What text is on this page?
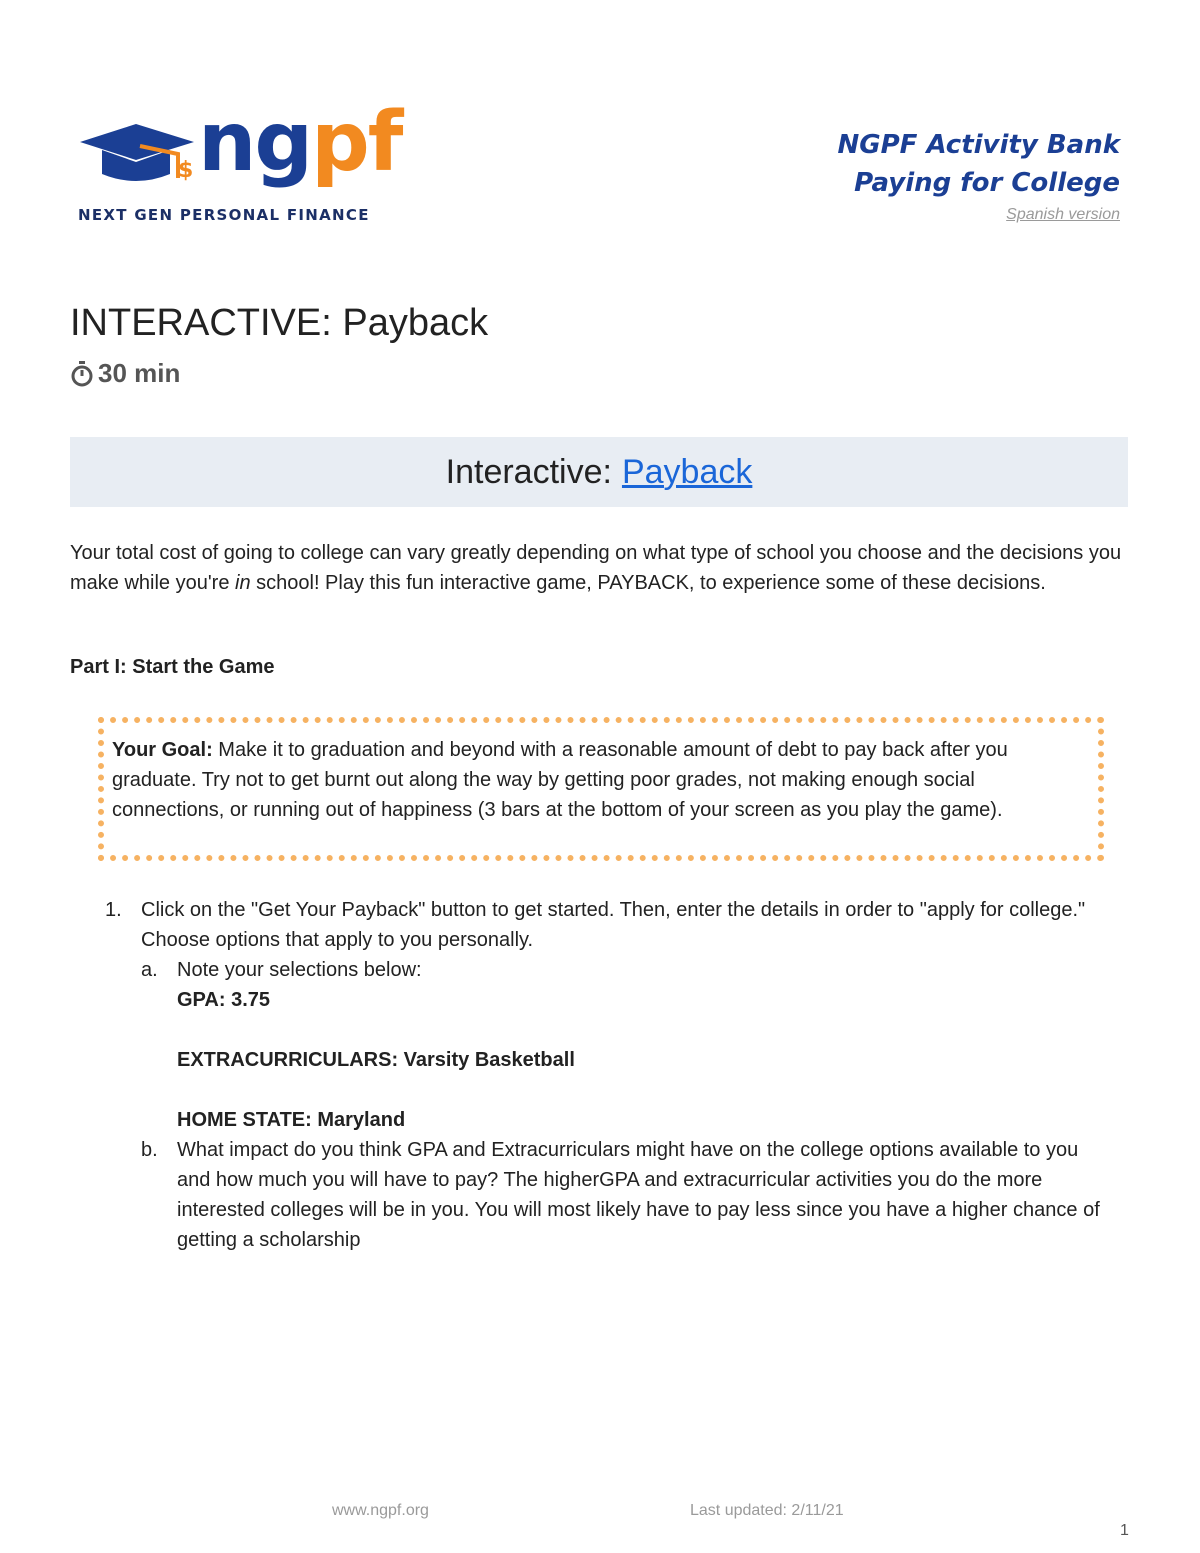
$ ngpf
NEXT GEN PERSONAL FINANCE
NGPF Activity Bank
Paying for College
Spanish version
INTERACTIVE: Payback
30 min
Interactive: Payback

Your total cost of going to college can vary greatly depending on what type of school you choose and the decisions you make while you're in school! Play this fun interactive game, PAYBACK, to experience some of these decisions.

Part I: Start the Game
Your Goal: Make it to graduation and beyond with a reasonable amount of debt to pay back after you graduate. Try not to get burnt out along the way by getting poor grades, not making enough social connections, or running out of happiness (3 bars at the bottom of your screen as you play the game).
1. Click on the "Get Your Payback" button to get started. Then, enter the details in order to "apply for college." Choose options that apply to you personally.
a. Note your selections below:
GPA: 3.75
EXTRACURRICULARS: Varsity Basketball
HOME STATE: Maryland
b. What impact do you think GPA and Extracurriculars might have on the college options available to you and how much you will have to pay? The higherGPA and extracurricular activities you do the more interested colleges will be in you. You will most likely have to pay less since you have a higher chance of getting a scholarship
www.ngpf.org	Last updated: 2/11/21
1
